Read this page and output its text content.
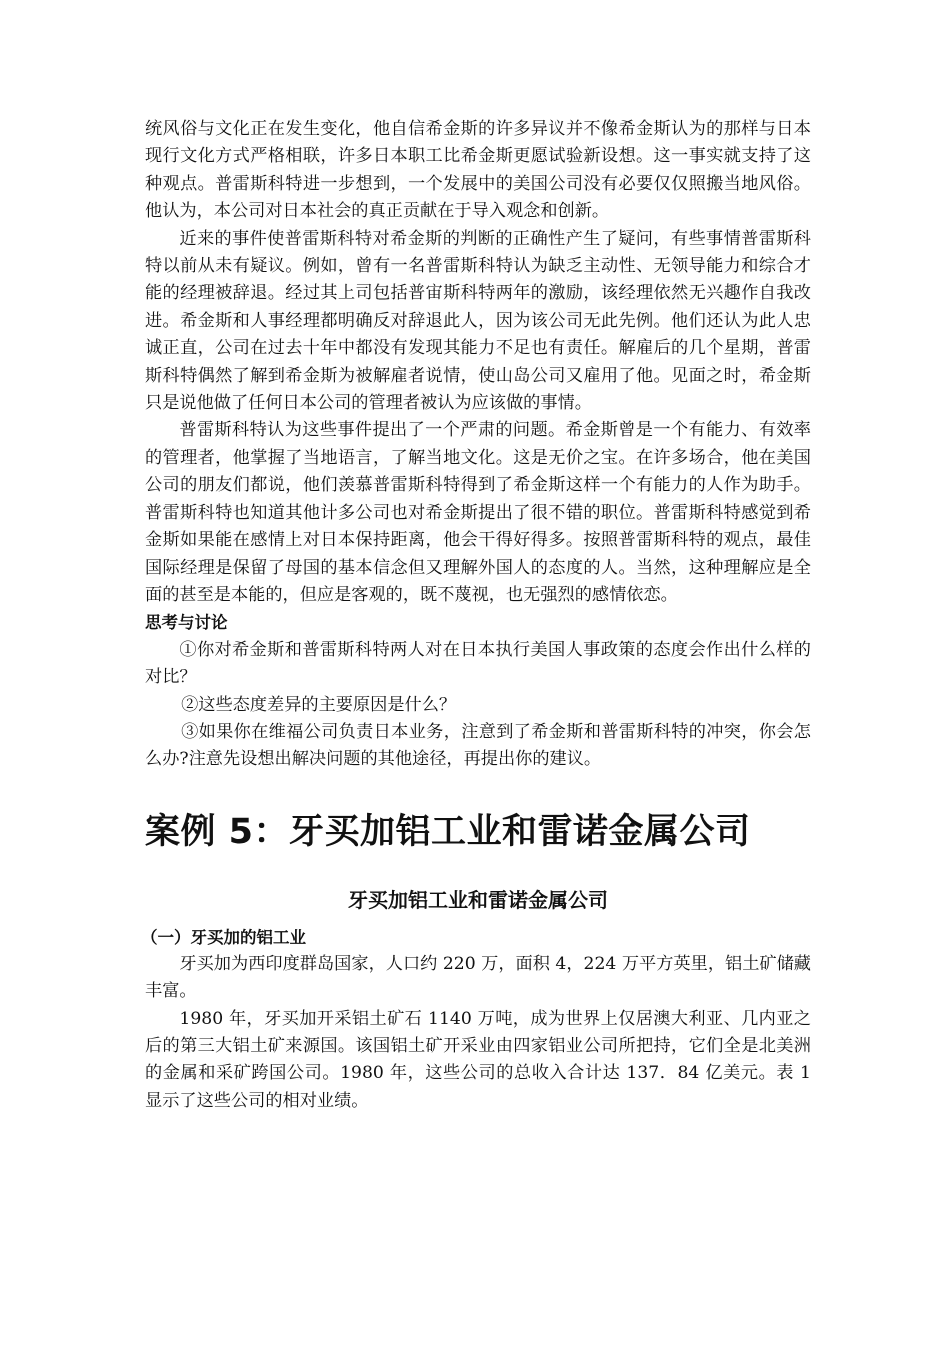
统风俗与文化正在发生变化，他自信希金斯的许多异议并不像希金斯认为的那样与日本现行文化方式严格相联，许多日本职工比希金斯更愿试验新设想。这一事实就支持了这种观点。普雷斯科特进一步想到，一个发展中的美国公司没有必要仅仅照搬当地风俗。他认为，本公司对日本社会的真正贡献在于导入观念和创新。

近来的事件使普雷斯科特对希金斯的判断的正确性产生了疑问，有些事情普雷斯科特以前从未有疑议。例如，曾有一名普雷斯科特认为缺乏主动性、无领导能力和综合才能的经理被辞退。经过其上司包括普宙斯科特两年的激励，该经理依然无兴趣作自我改进。希金斯和人事经理都明确反对辞退此人，因为该公司无此先例。他们还认为此人忠诚正直，公司在过去十年中都没有发现其能力不足也有责任。解雇后的几个星期，普雷斯科特偶然了解到希金斯为被解雇者说情，使山岛公司又雇用了他。见面之时，希金斯只是说他做了任何日本公司的管理者被认为应该做的事情。

普雷斯科特认为这些事件提出了一个严肃的问题。希金斯曾是一个有能力、有效率的管理者，他掌握了当地语言，了解当地文化。这是无价之宝。在许多场合，他在美国公司的朋友们都说，他们羡慕普雷斯科特得到了希金斯这样一个有能力的人作为助手。普雷斯科特也知道其他计多公司也对希金斯提出了很不错的职位。普雷斯科特感觉到希金斯如果能在感情上对日本保持距离，他会干得好得多。按照普雷斯科特的观点，最佳国际经理是保留了母国的基本信念但又理解外国人的态度的人。当然，这种理解应是全面的甚至是本能的，但应是客观的，既不蔑视，也无强烈的感情依恋。

思考与讨论

①你对希金斯和普雷斯科特两人对在日本执行美国人事政策的态度会作出什么样的对比？

②这些态度差异的主要原因是什么？

③如果你在维福公司负责日本业务，注意到了希金斯和普雷斯科特的冲突，你会怎么办?注意先设想出解决问题的其他途径，再提出你的建议。

案例 5：牙买加铝工业和雷诺金属公司
牙买加铝工业和雷诺金属公司

（一）牙买加的铝工业

牙买加为西印度群岛国家，人口约 220 万，面积 4，224 万平方英里，铝土矿储藏丰富。

1980 年，牙买加开采铝土矿石 1140 万吨，成为世界上仅居澳大利亚、几内亚之后的第三大铝土矿来源国。该国铝土矿开采业由四家铝业公司所把持，它们全是北美洲的金属和采矿跨国公司。1980 年，这些公司的总收入合计达 137．84 亿美元。表 1 显示了这些公司的相对业绩。
